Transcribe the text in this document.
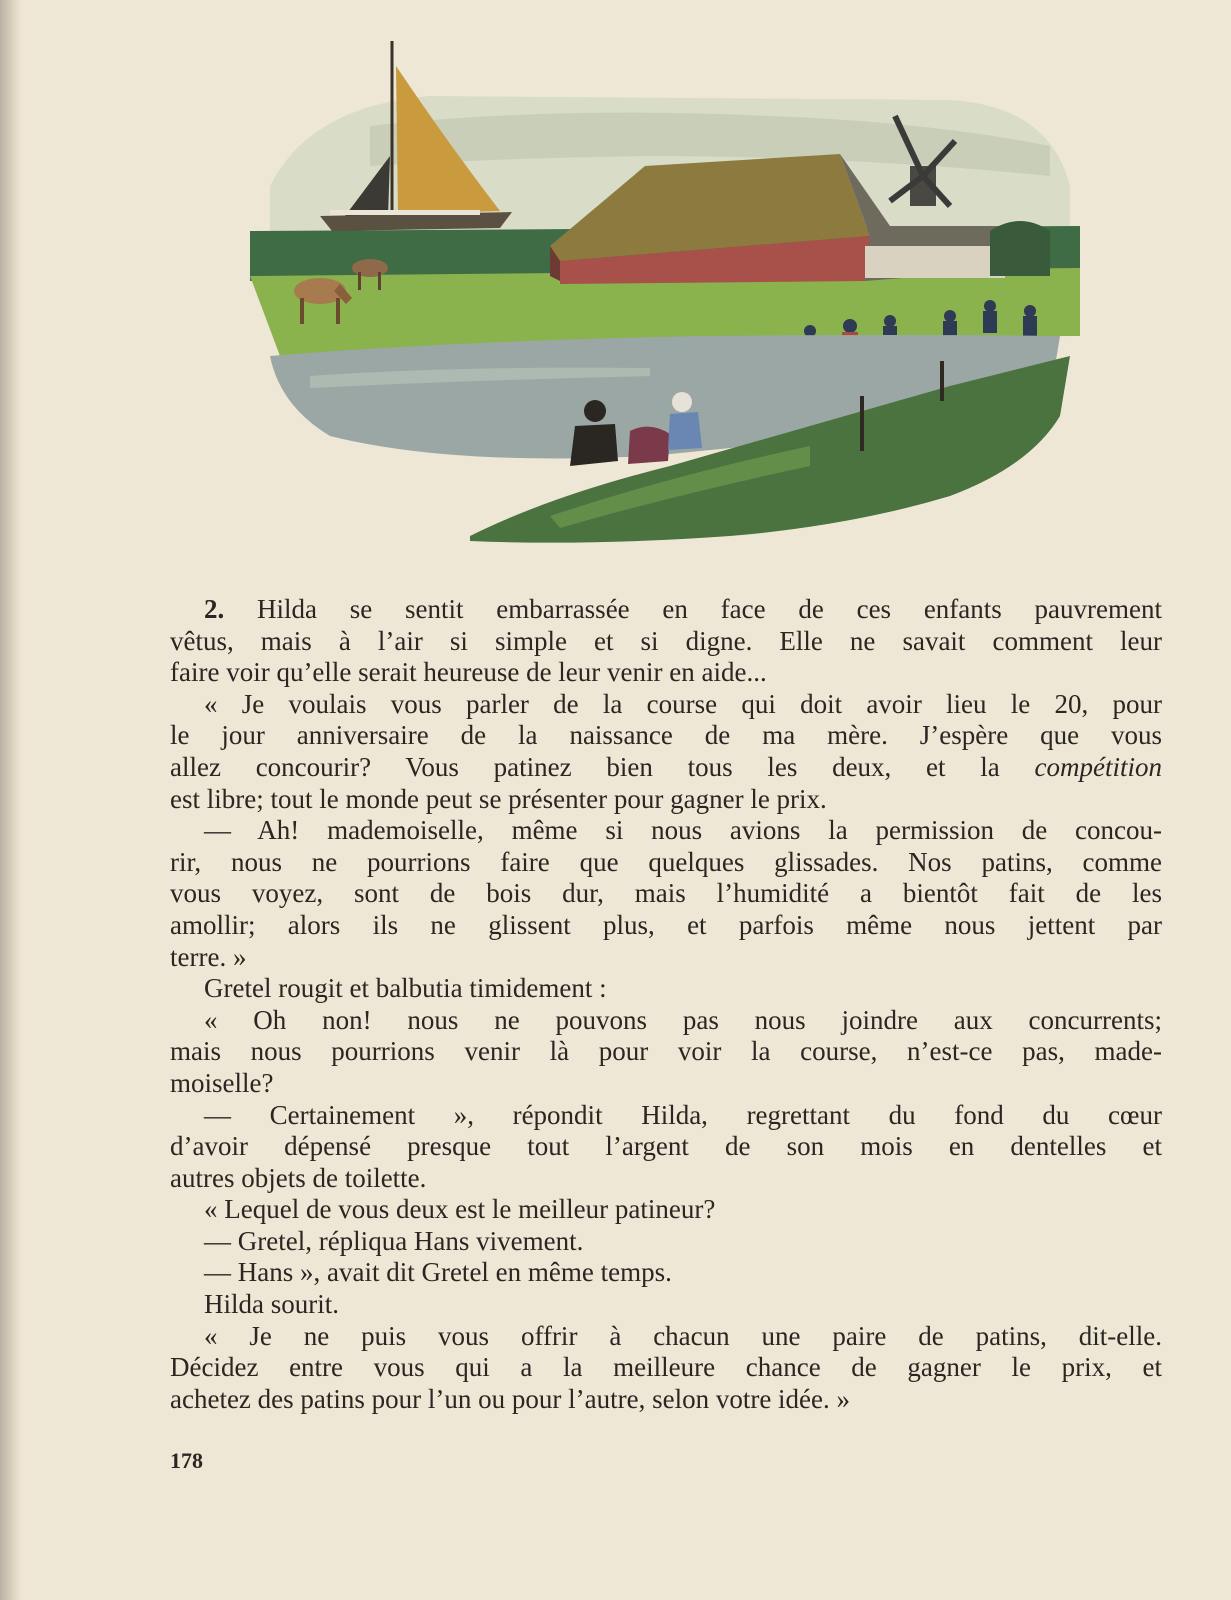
2. Hilda se sentit embarrassée en face de ces enfants pauvrement

vêtus, mais à l’air si simple et si digne. Elle ne savait comment leur

faire voir qu’elle serait heureuse de leur venir en aide...

« Je voulais vous parler de la course qui doit avoir lieu le 20, pour

le jour anniversaire de la naissance de ma mère. J’espère que vous

allez concourir? Vous patinez bien tous les deux, et la compétition

est libre; tout le monde peut se présenter pour gagner le prix.

— Ah! mademoiselle, même si nous avions la permission de concou-

rir, nous ne pourrions faire que quelques glissades. Nos patins, comme

vous voyez, sont de bois dur, mais l’humidité a bientôt fait de les

amollir; alors ils ne glissent plus, et parfois même nous jettent par

terre. »

Gretel rougit et balbutia timidement :

« Oh non! nous ne pouvons pas nous joindre aux concurrents;

mais nous pourrions venir là pour voir la course, n’est-ce pas, made-

moiselle?

— Certainement », répondit Hilda, regrettant du fond du cœur

d’avoir dépensé presque tout l’argent de son mois en dentelles et

autres objets de toilette.

« Lequel de vous deux est le meilleur patineur?

— Gretel, répliqua Hans vivement.

— Hans », avait dit Gretel en même temps.

Hilda sourit.

« Je ne puis vous offrir à chacun une paire de patins, dit-elle.

Décidez entre vous qui a la meilleure chance de gagner le prix, et

achetez des patins pour l’un ou pour l’autre, selon votre idée. »

178
